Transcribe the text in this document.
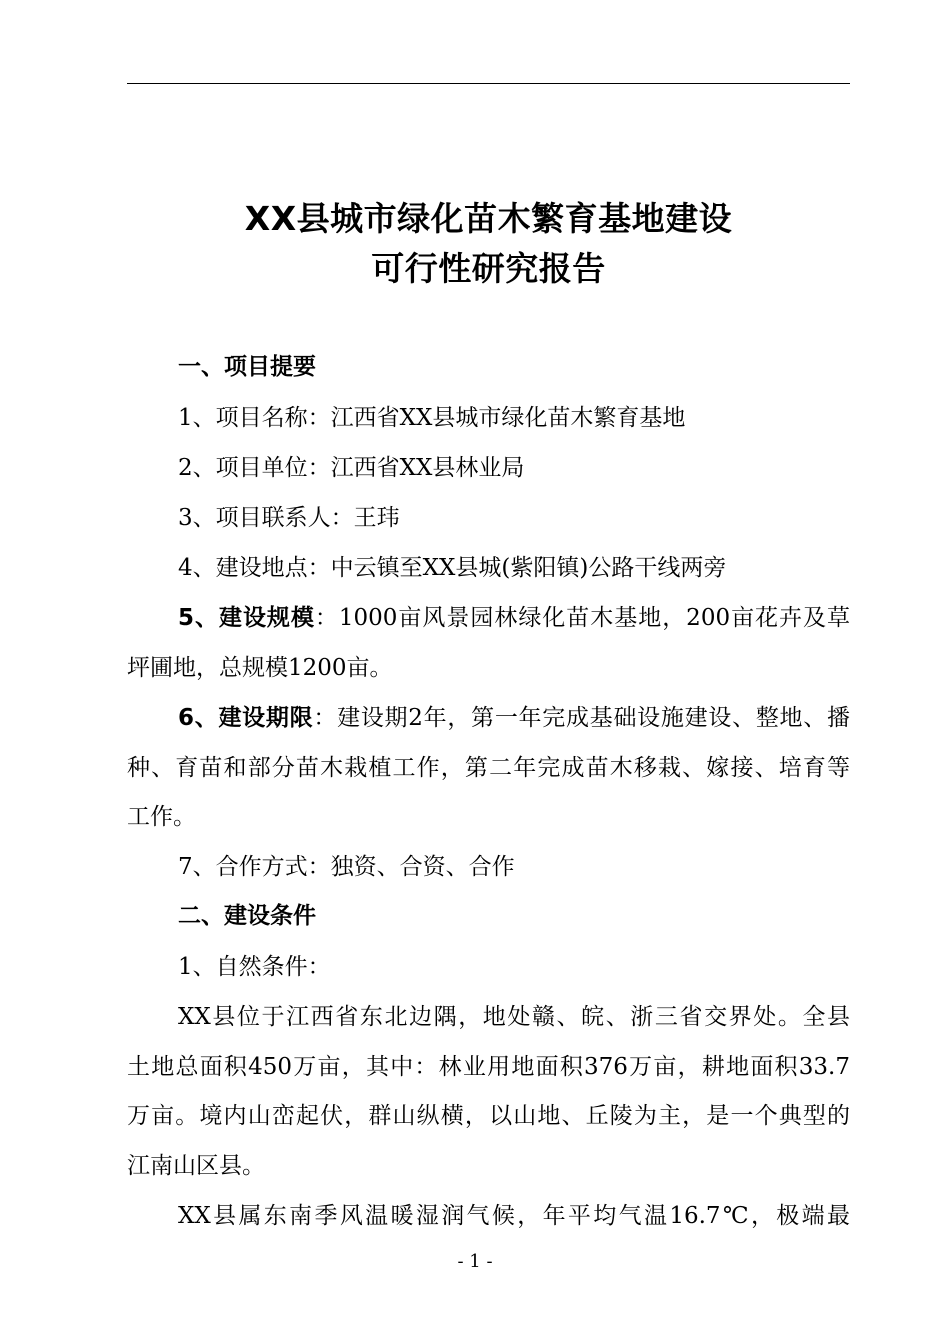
XX县城市绿化苗木繁育基地建设
可行性研究报告
一、项目提要
1、项目名称：江西省XX县城市绿化苗木繁育基地
2、项目单位：江西省XX县林业局
3、项目联系人：王玮
4、建设地点：中云镇至XX县城(紫阳镇)公路干线两旁
5、建设规模：1000亩风景园林绿化苗木基地，200亩花卉及草
坪圃地，总规模1200亩。
6、建设期限：建设期2年，第一年完成基础设施建设、整地、播
种、育苗和部分苗木栽植工作，第二年完成苗木移栽、嫁接、培育等
工作。
7、合作方式：独资、合资、合作
二、建设条件
1、自然条件：
XX县位于江西省东北边隅，地处赣、皖、浙三省交界处。全县
土地总面积450万亩，其中：林业用地面积376万亩，耕地面积33.7
万亩。境内山峦起伏，群山纵横，以山地、丘陵为主，是一个典型的
江南山区县。
XX县属东南季风温暖湿润气候，年平均气温16.7℃，极端最
- 1 -
